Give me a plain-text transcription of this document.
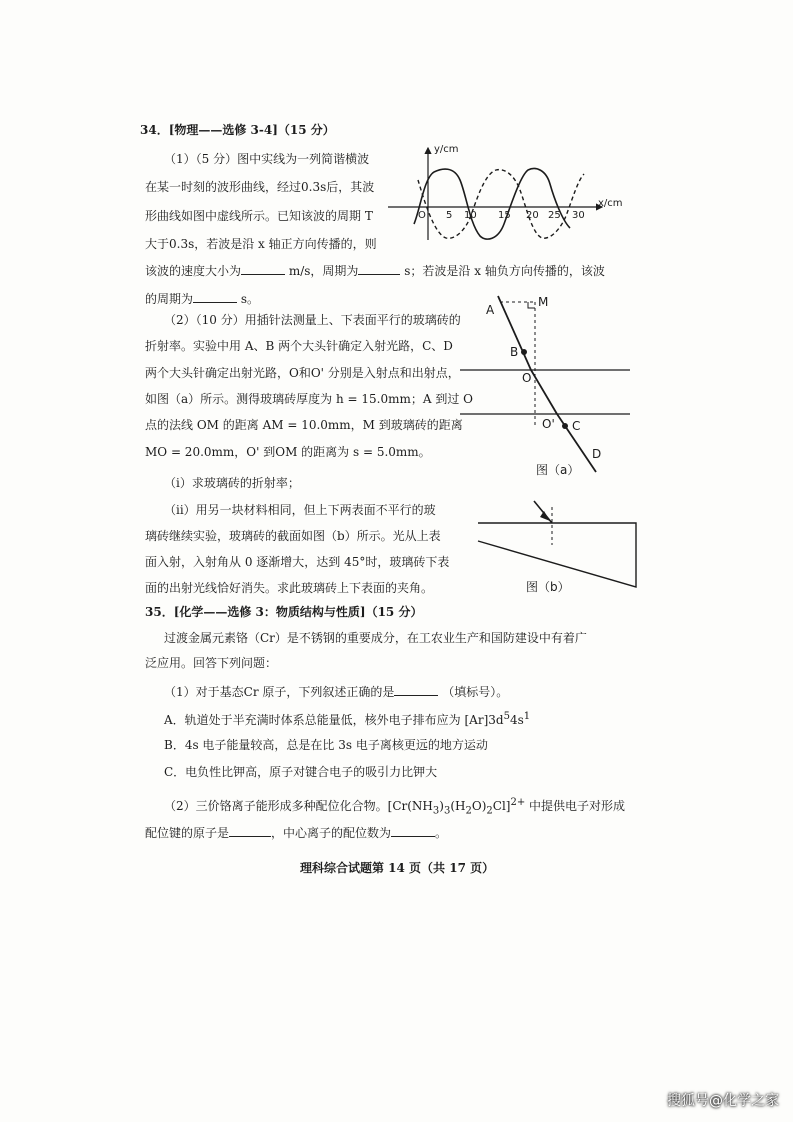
34．[物理——选修 3-4]（15 分）
（1）（5 分）图中实线为一列简谐横波
在某一时刻的波形曲线，经过0.3s后，其波
形曲线如图中虚线所示。已知该波的周期 T
大于0.3s，若波是沿 x 轴正方向传播的，则
该波的速度大小为	m/s，周期为	s；若波是沿 x 轴负方向传播的，该波
的周期为	s。
（2）（10 分）用插针法测量上、下表面平行的玻璃砖的
折射率。实验中用 A、B 两个大头针确定入射光路，C、D
两个大头针确定出射光路，O和O' 分别是入射点和出射点，
如图（a）所示。测得玻璃砖厚度为 h = 15.0mm；A 到过 O
点的法线 OM 的距离 AM = 10.0mm，M 到玻璃砖的距离
MO = 20.0mm，O' 到OM 的距离为 s = 5.0mm。
（i）求玻璃砖的折射率；
（ii）用另一块材料相同，但上下两表面不平行的玻
璃砖继续实验，玻璃砖的截面如图（b）所示。光从上表
面入射，入射角从 0 逐渐增大，达到 45°时，玻璃砖下表
面的出射光线恰好消失。求此玻璃砖上下表面的夹角。
y/cm
x/cm
O 5 10 15 20 25 30
A
M
B
O
O' C
D
图（a）
图（b）
35．[化学——选修 3：物质结构与性质]（15 分）
过渡金属元素铬（Cr）是不锈钢的重要成分，在工农业生产和国防建设中有着广
泛应用。回答下列问题：
（1）对于基态Cr 原子，下列叙述正确的是	（填标号）。
A．轨道处于半充满时体系总能量低，核外电子排布应为 $[Ar]3d^54s^1$
B．4s 电子能量较高，总是在比 3s 电子离核更远的地方运动
C．电负性比钾高，原子对键合电子的吸引力比钾大
（2）三价铬离子能形成多种配位化合物。$[Cr(NH_3)_3(H_2O)_2Cl]^{2+}$ 中提供电子对形成
配位键的原子是	，中心离子的配位数为	。
理科综合试题第 14 页（共 17 页）
搜狐号@化学之家
